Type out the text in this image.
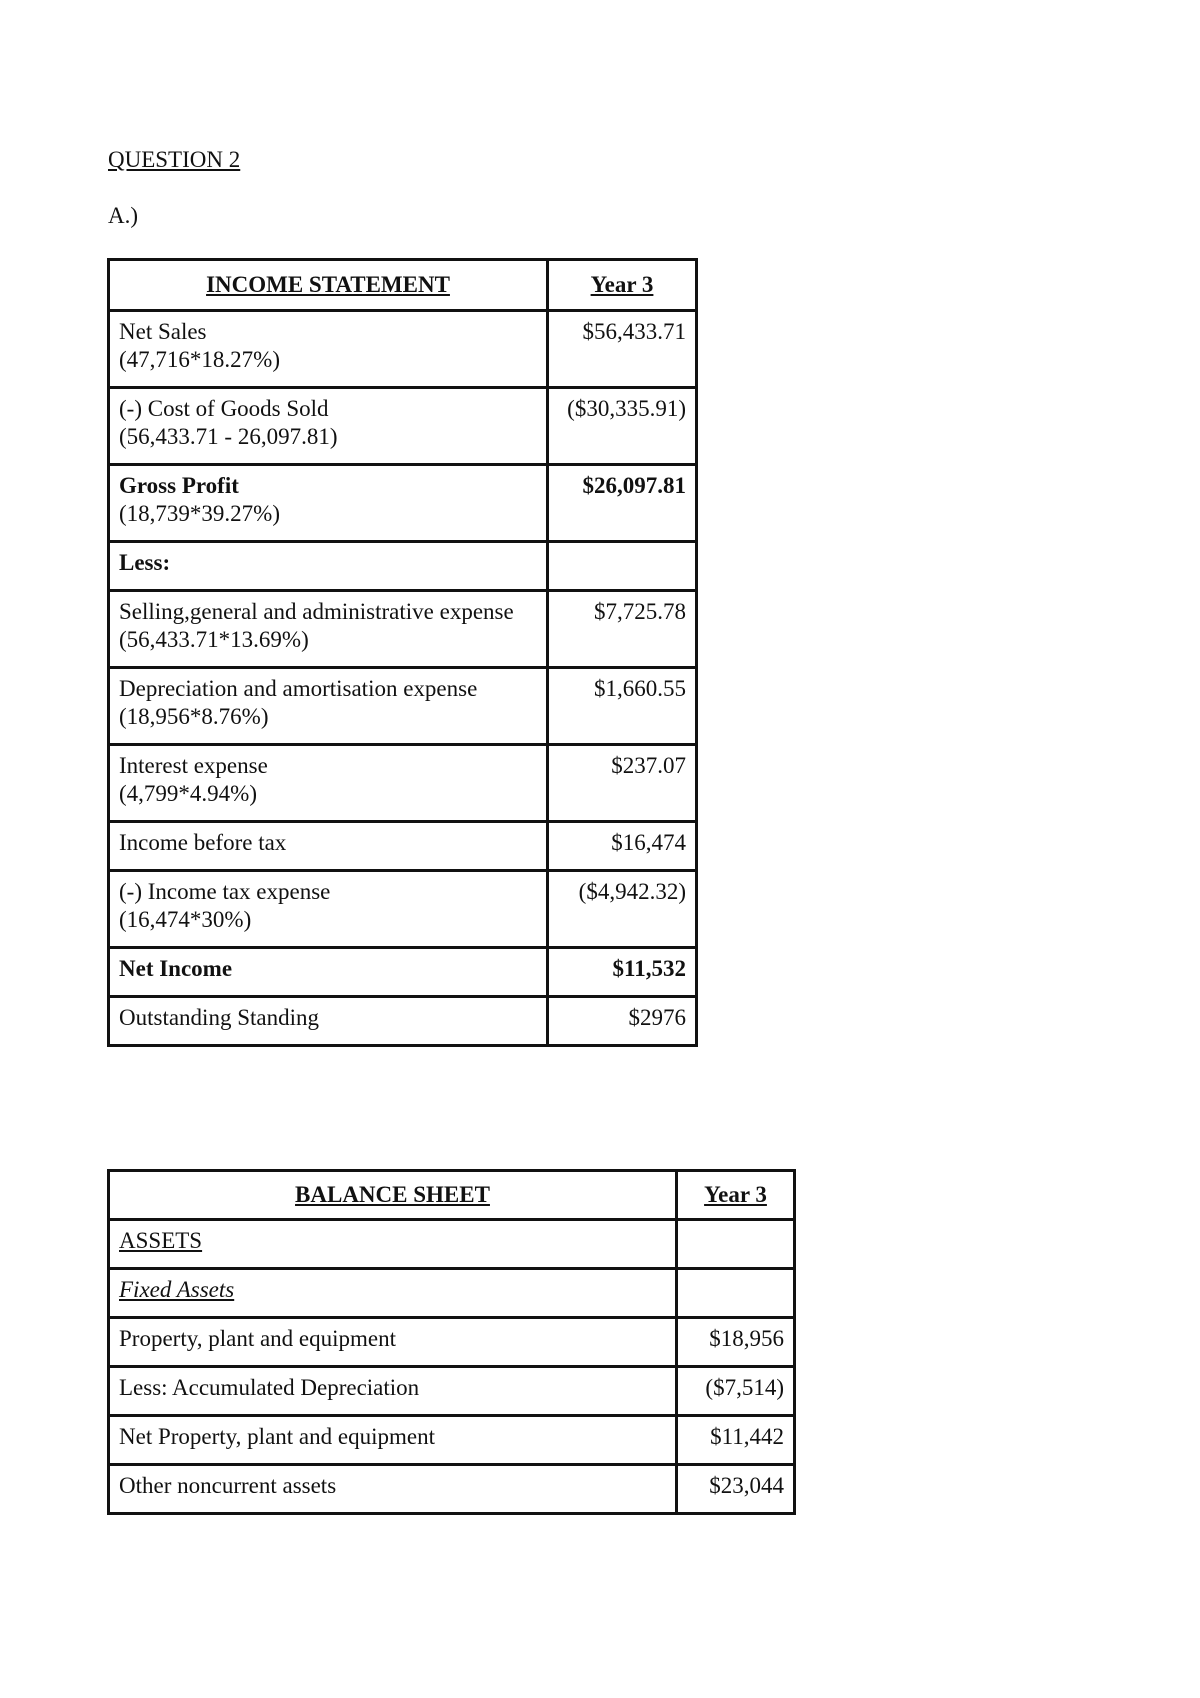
QUESTION 2
A.)
INCOME STATEMENT	Year 3

Net Sales
(47,716*18.27%)	$56,433.71

(-) Cost of Goods Sold
(56,433.71 - 26,097.81)	($30,335.91)

Gross Profit
(18,739*39.27%)	$26,097.81
Less:	

Selling,general and administrative expense
(56,433.71*13.69%)	$7,725.78

Depreciation and amortisation expense
(18,956*8.76%)	$1,660.55

Interest expense
(4,799*4.94%)	$237.07
Income before tax	$16,474

(-) Income tax expense
(16,474*30%)	($4,942.32)
Net Income	$11,532
Outstanding Standing	$2976
BALANCE SHEET	Year 3
ASSETS	
Fixed Assets	
Property, plant and equipment	$18,956
Less: Accumulated Depreciation	($7,514)
Net Property, plant and equipment	$11,442
Other noncurrent assets	$23,044
